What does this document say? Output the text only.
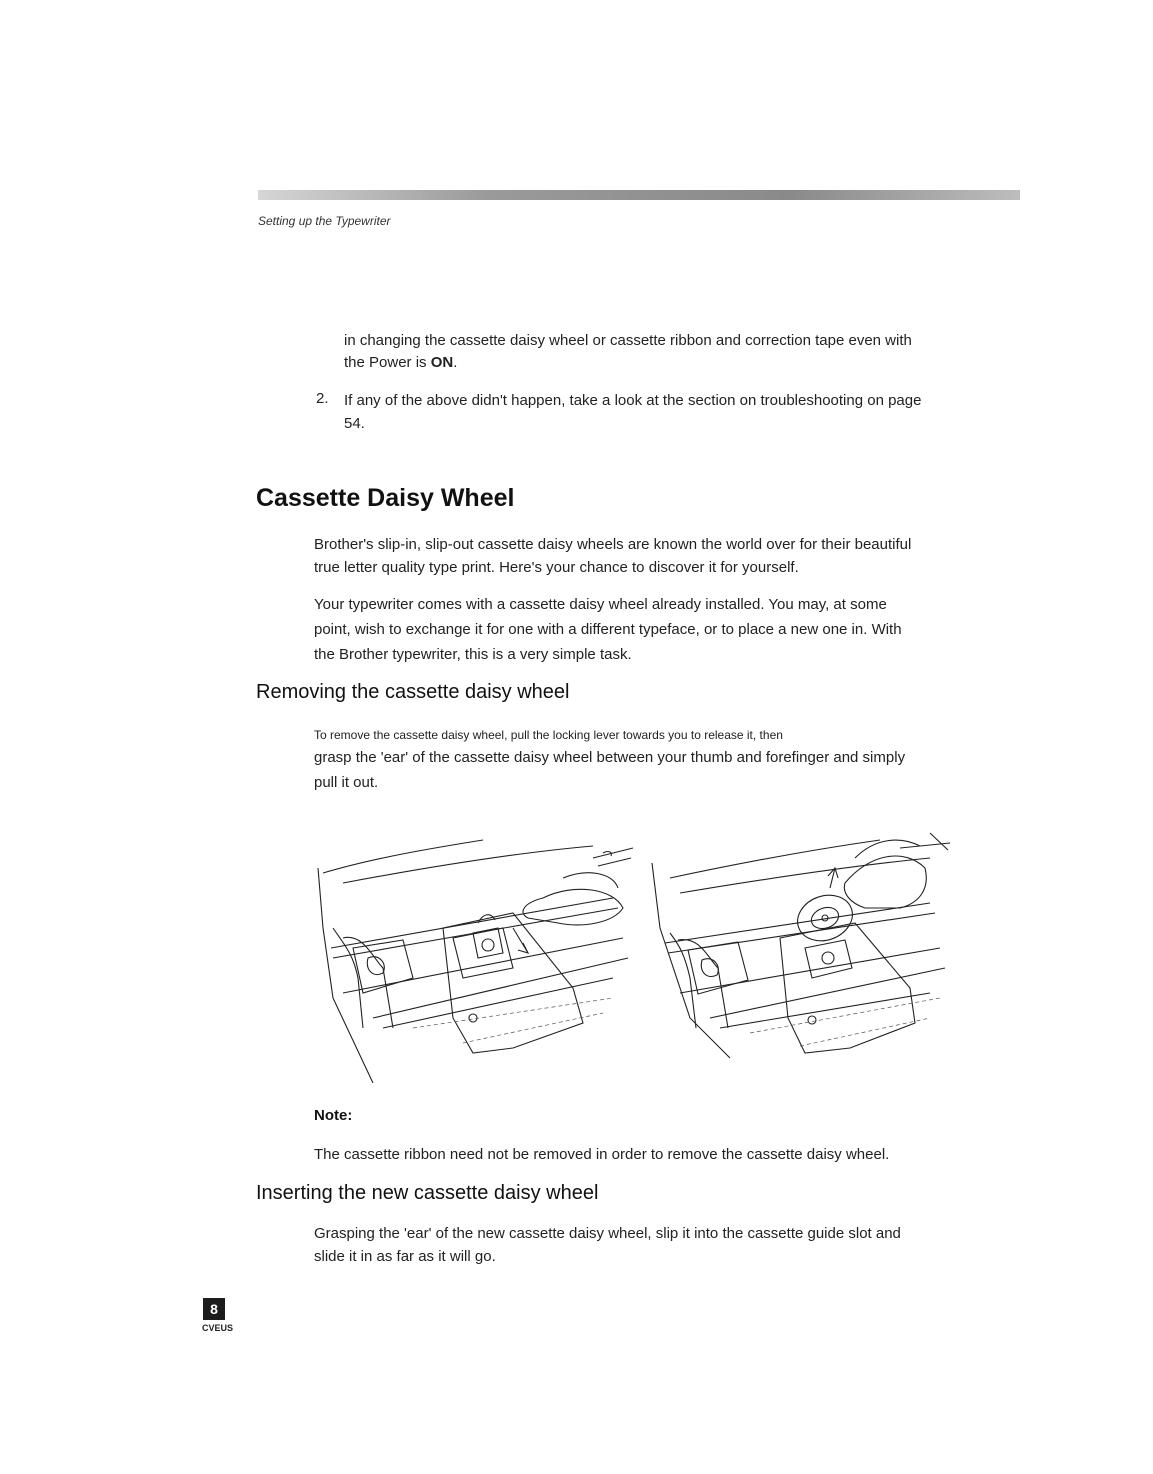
Setting up the Typewriter
in changing the cassette daisy wheel or cassette ribbon and correction tape even with
the Power is ON.
2. If any of the above didn't happen, take a look at the section on troubleshooting on page
54.
Cassette Daisy Wheel
Brother's slip-in, slip-out cassette daisy wheels are known the world over for their beautiful
true letter quality type print. Here's your chance to discover it for yourself.
Your typewriter comes with a cassette daisy wheel already installed. You may, at some
point, wish to exchange it for one with a different typeface, or to place a new one in. With
the Brother typewriter, this is a very simple task.
Removing the cassette daisy wheel
To remove the cassette daisy wheel, pull the locking lever towards you to release it, then
grasp the 'ear' of the cassette daisy wheel between your thumb and forefinger and simply
pull it out.
Note:
The cassette ribbon need not be removed in order to remove the cassette daisy wheel.
Inserting the new cassette daisy wheel
Grasping the 'ear' of the new cassette daisy wheel, slip it into the cassette guide slot and
slide it in as far as it will go.
8
CVEUS
